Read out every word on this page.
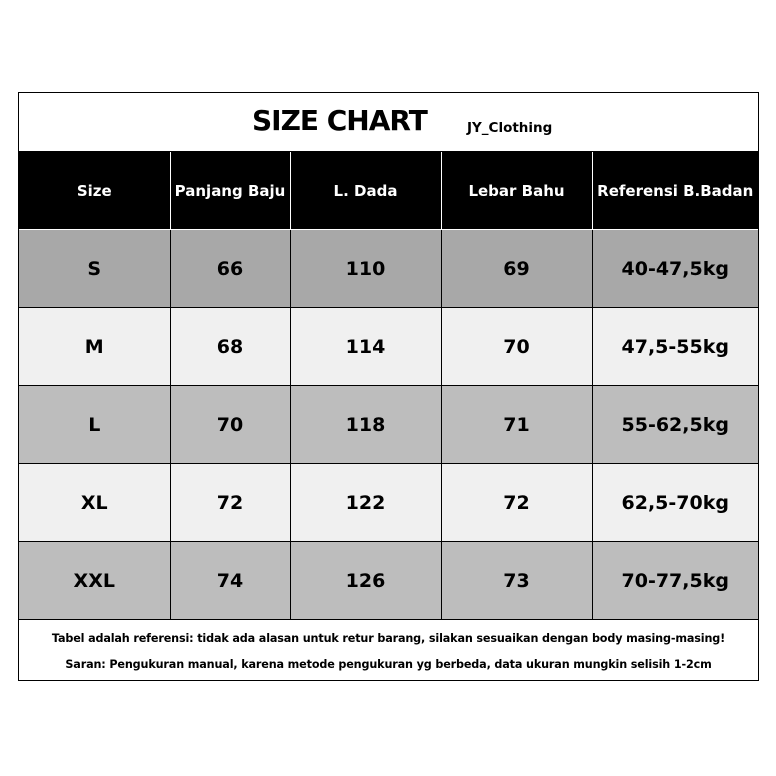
SIZE CHART	JY_Clothing
Size	Panjang Baju	L. Dada	Lebar Bahu	Referensi B.Badan
S	66	110	69	40-47,5kg
M	68	114	70	47,5-55kg
L	70	118	71	55-62,5kg
XL	72	122	72	62,5-70kg
XXL	74	126	73	70-77,5kg
Tabel adalah referensi: tidak ada alasan untuk retur barang, silakan sesuaikan dengan body masing-masing!
Saran: Pengukuran manual, karena metode pengukuran yg berbeda, data ukuran mungkin selisih 1-2cm
